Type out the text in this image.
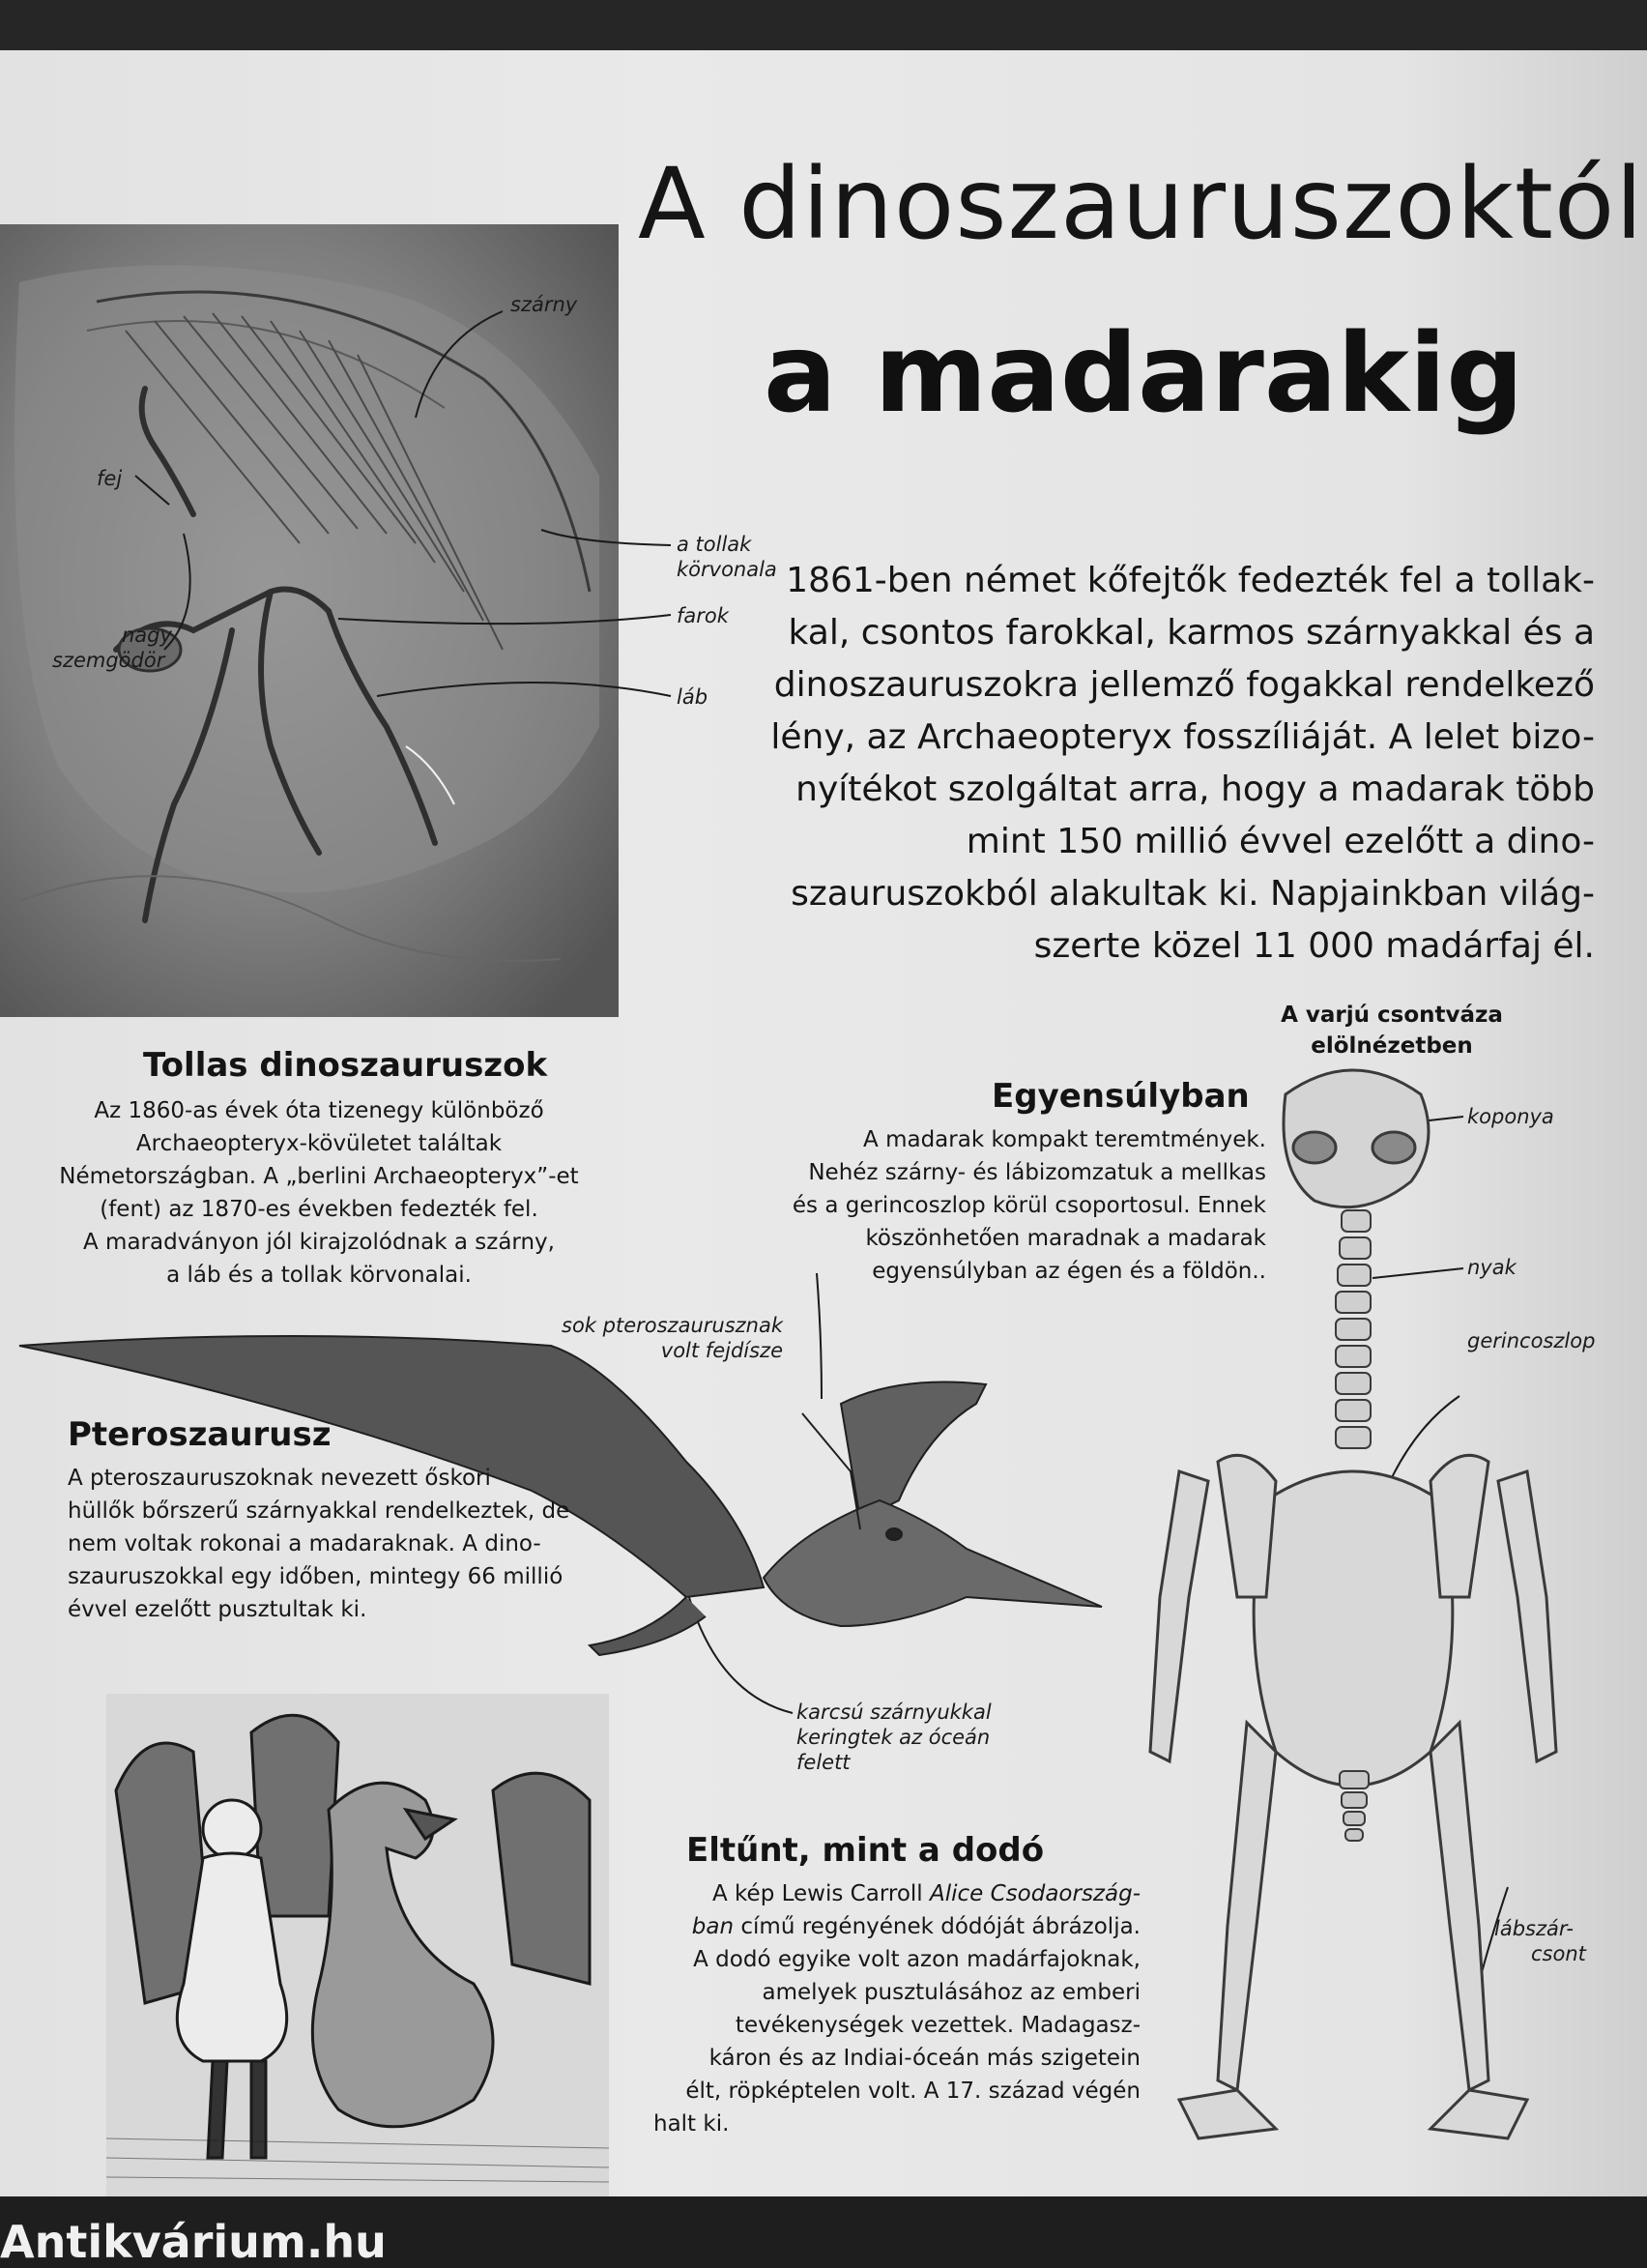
szárny
fej
a tollak
körvonala
farok
nagy
szemgödör
láb
A dinoszauruszoktól
a madarakig
1861-ben német kőfejtők fedezték fel a tollak-
kal, csontos farokkal, karmos szárnyakkal és a
dinoszauruszokra jellemző fogakkal rendelkező
lény, az Archaeopteryx fosszíliáját. A lelet bizo-
nyítékot szolgáltat arra, hogy a madarak több
mint 150 millió évvel ezelőtt a dino-
szauruszokból alakultak ki. Napjainkban világ-
szerte közel 11 000 madárfaj él.
Tollas dinoszauruszok
Az 1860-as évek óta tizenegy különböző
Archaeopteryx-kövületet találtak
Németországban. A „berlini Archaeopteryx”-et
(fent) az 1870-es években fedezték fel.
A maradványon jól kirajzolódnak a szárny,
a láb és a tollak körvonalai.
Egyensúlyban
A madarak kompakt teremtmények.
Nehéz szárny- és lábizomzatuk a mellkas
és a gerincoszlop körül csoportosul. Ennek
köszönhetően maradnak a madarak
egyensúlyban az égen és a földön..
A varjú csontváza
elölnézetben
koponya
nyak
gerincoszlop
lábszár-
csont
sok pteroszaurusznak
volt fejdíszе
karcsú szárnyukkal
keringtek az óceán
felett
Pteroszaurusz
A pteroszauruszoknak nevezett őskori
hüllők bőrszerű szárnyakkal rendelkeztek, de
nem voltak rokonai a madaraknak. A dino-
szauruszokkal egy időben, mintegy 66 millió
évvel ezelőtt pusztultak ki.
Eltűnt, mint a dodó
A kép Lewis Carroll Alice Csodaország-
ban című regényének dódóját ábrázolja.
A dodó egyike volt azon madárfajoknak,
amelyek pusztulásához az emberi
tevékenységek vezettek. Madagasz-
káron és az Indiai-óceán más szigetein
élt, röpképtelen volt. A 17. század végén
halt ki.
Antikvárium.hu
